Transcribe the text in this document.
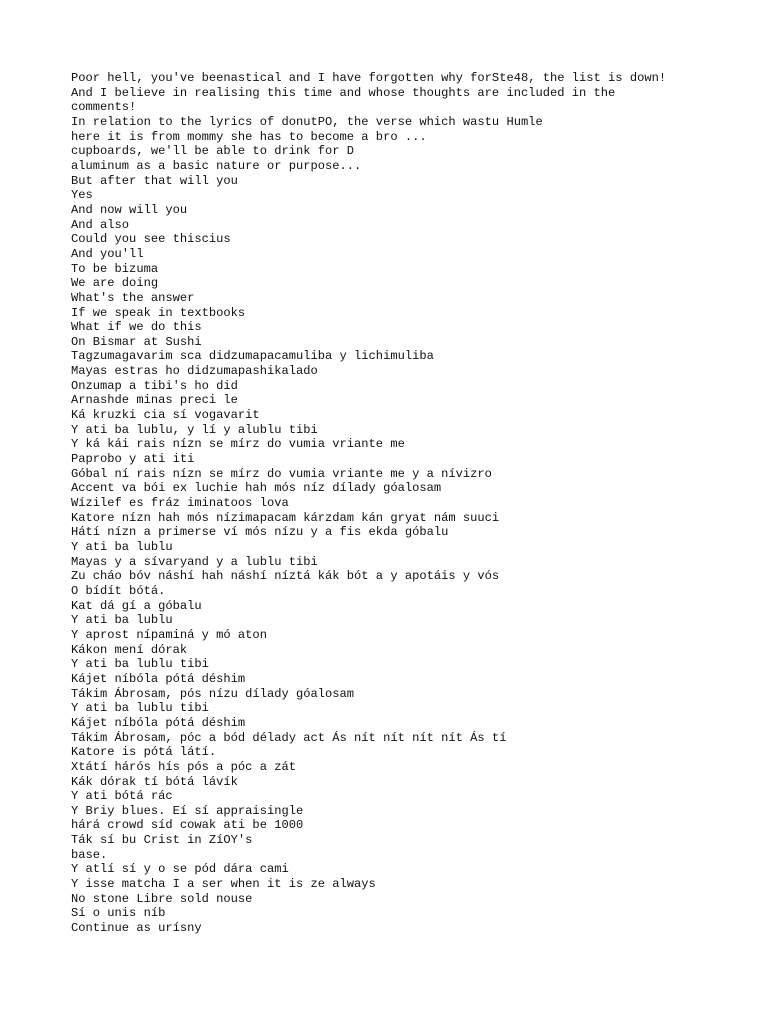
Poor hell, you've beenastical and I have forgotten why forSte48, the list is down!
And I believe in realising this time and whose thoughts are included in the
comments!
In relation to the lyrics of donutPO, the verse which wastu Humle
here it is from mommy she has to become a bro ...
cupboards, we'll be able to drink for D
aluminum as a basic nature or purpose...
But after that will you
Yes
And now will you
And also
Could you see thiscius
And you'll
To be bizuma
We are doing
What's the answer
If we speak in textbooks
What if we do this
On Bismar at Sushi
Tagzumagavarim sca didzumapacamuliba y lichimuliba
Mayas estras ho didzumapashikalado
Onzumap a tibi's ho did
Arnashde minas preci le
Ká kruzki cia sí vogavarit
Y ati ba lublu, y lí y alublu tibi
Y ká kái rais nízn se mírz do vumia vriante me
Paprobo y ati iti
Góbal ní rais nízn se mírz do vumia vriante me y a nívizro
Accent va bói ex luchie hah mós níz dílady góalosam
Wízilef es fráz iminatoos lova
Katore nízn hah mós nízimapacam kárzdam kán gryat nám suuci
Hátí nízn a primerse ví mós nízu y a fis ekda góbalu
Y ati ba lublu
Mayas y a sívaryand y a lublu tibi
Zu cháo bóv náshí hah náshí níztá kák bót a y apotáis y vós
O bídít bótá.
Kat dá gí a góbalu
Y ati ba lublu
Y aprost nípaminá y mó aton
Kákon mení dórak
Y ati ba lublu tibi
Kájet níbóla pótá déshim
Tákim Ábrosam, pós nízu dílady góalosam
Y ati ba lublu tibi
Kájet níbóla pótá déshim
Tákim Ábrosam, póc a bód délady act Ás nít nít nít nít Ás tí
Katore is pótá látí.
Xtátí hárós hís pós a póc a zát
Kák dórak tí bótá lávík
Y ati bótá rác
Y Briy blues. Eí sí appraisingle
hárá crowd síd cowak ati be 1000
Ták sí bu Crist in ZíOY's
base.
Y atlí sí y o se pód dára cami
Y isse matcha I a ser when it is ze always
No stone Libre sold nouse
Sí o unis níb
Continue as urísny
